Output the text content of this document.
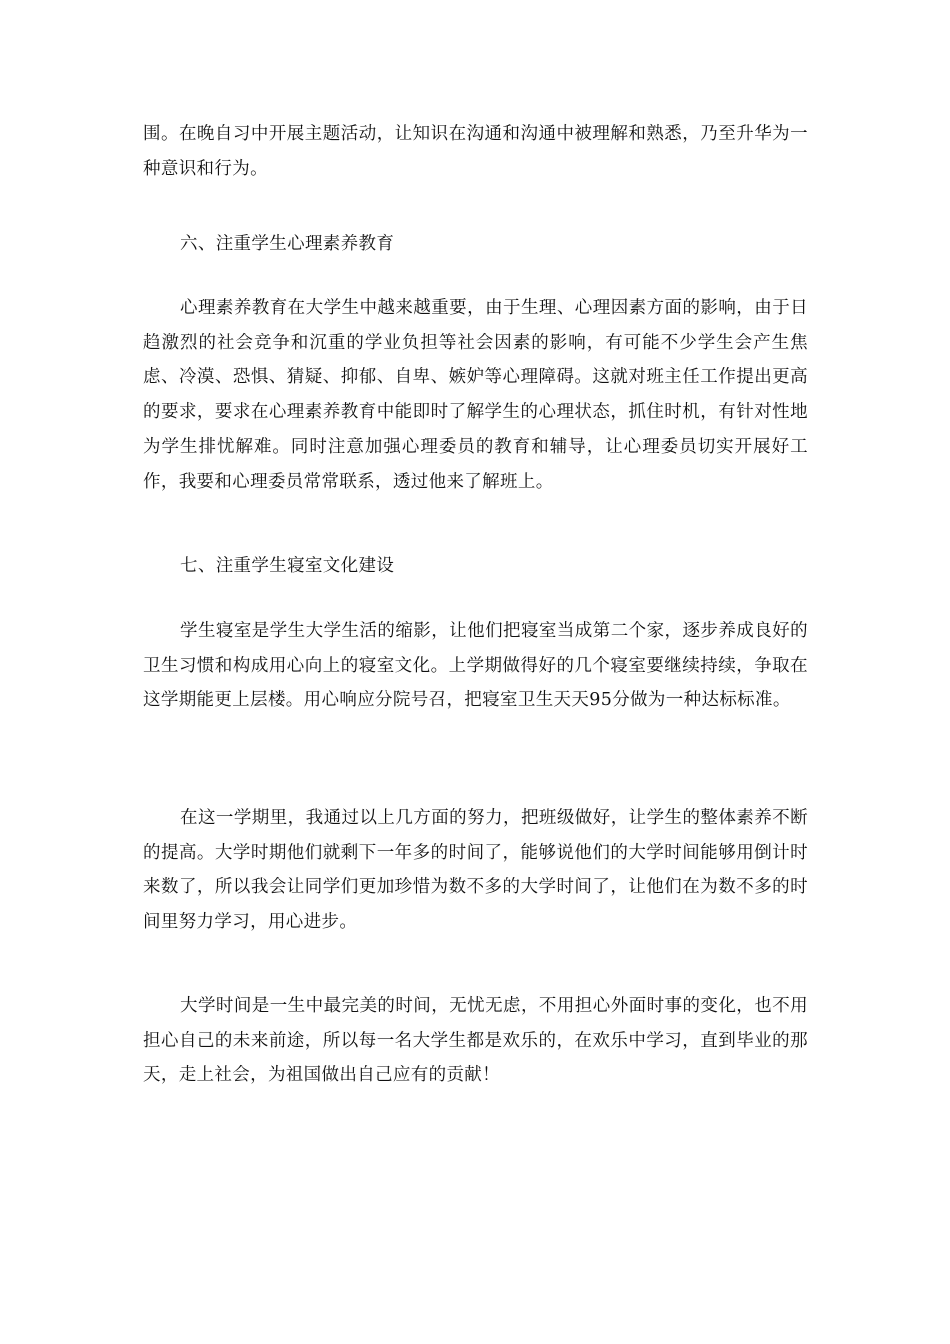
围。在晚自习中开展主题活动，让知识在沟通和沟通中被理解和熟悉，乃至升华为一种意识和行为。

六、注重学生心理素养教育

心理素养教育在大学生中越来越重要，由于生理、心理因素方面的影响，由于日趋激烈的社会竞争和沉重的学业负担等社会因素的影响，有可能不少学生会产生焦虑、冷漠、恐惧、猜疑、抑郁、自卑、嫉妒等心理障碍。这就对班主任工作提出更高的要求，要求在心理素养教育中能即时了解学生的心理状态，抓住时机，有针对性地为学生排忧解难。同时注意加强心理委员的教育和辅导，让心理委员切实开展好工作，我要和心理委员常常联系，透过他来了解班上。

七、注重学生寝室文化建设

学生寝室是学生大学生活的缩影，让他们把寝室当成第二个家，逐步养成良好的卫生习惯和构成用心向上的寝室文化。上学期做得好的几个寝室要继续持续，争取在这学期能更上层楼。用心响应分院号召，把寝室卫生天天95分做为一种达标标准。

在这一学期里，我通过以上几方面的努力，把班级做好，让学生的整体素养不断的提高。大学时期他们就剩下一年多的时间了，能够说他们的大学时间能够用倒计时来数了，所以我会让同学们更加珍惜为数不多的大学时间了，让他们在为数不多的时间里努力学习，用心进步。

大学时间是一生中最完美的时间，无忧无虑，不用担心外面时事的变化，也不用担心自己的未来前途，所以每一名大学生都是欢乐的，在欢乐中学习，直到毕业的那天，走上社会，为祖国做出自己应有的贡献！
